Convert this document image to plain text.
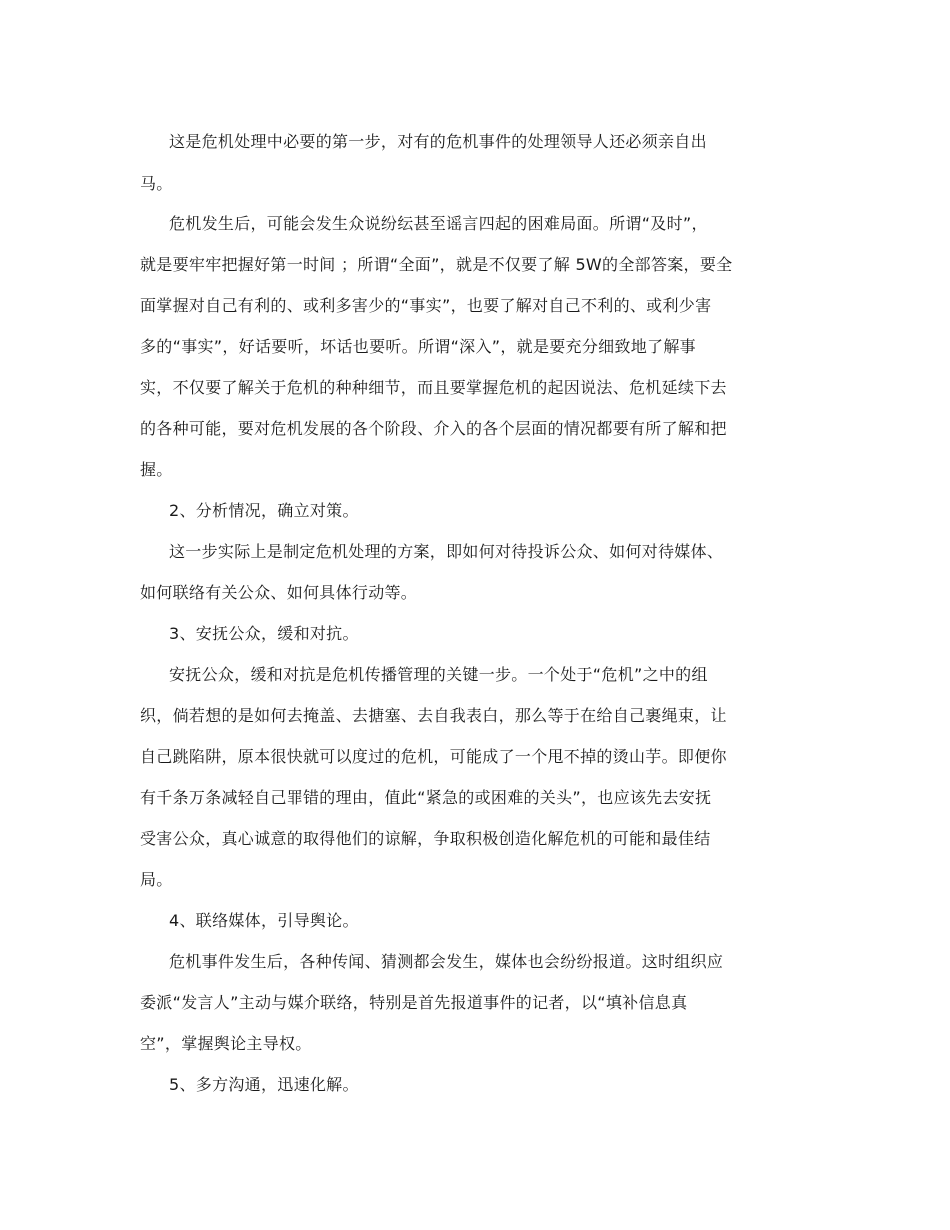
这是危机处理中必要的第一步，对有的危机事件的处理领导人还必须亲自出
马。
危机发生后，可能会发生众说纷纭甚至谣言四起的困难局面。所谓“及时”，
就是要牢牢把握好第一时间 ；所谓“全面”，就是不仅要了解 5W的全部答案，要全
面掌握对自己有利的、或利多害少的“事实”，也要了解对自己不利的、或利少害
多的“事实”，好话要听，坏话也要听。所谓“深入”，就是要充分细致地了解事
实，不仅要了解关于危机的种种细节，而且要掌握危机的起因说法、危机延续下去
的各种可能，要对危机发展的各个阶段、介入的各个层面的情况都要有所了解和把
握。
2、分析情况，确立对策。
这一步实际上是制定危机处理的方案，即如何对待投诉公众、如何对待媒体、
如何联络有关公众、如何具体行动等。
3、安抚公众，缓和对抗。
安抚公众，缓和对抗是危机传播管理的关键一步。一个处于“危机”之中的组
织，倘若想的是如何去掩盖、去搪塞、去自我表白，那么等于在给自己裹绳束，让
自己跳陷阱，原本很快就可以度过的危机，可能成了一个甩不掉的烫山芋。即便你
有千条万条减轻自己罪错的理由，值此“紧急的或困难的关头”，也应该先去安抚
受害公众，真心诚意的取得他们的谅解，争取积极创造化解危机的可能和最佳结
局。
4、联络媒体，引导舆论。
危机事件发生后，各种传闻、猜测都会发生，媒体也会纷纷报道。这时组织应
委派“发言人”主动与媒介联络，特别是首先报道事件的记者，以“填补信息真
空”，掌握舆论主导权。
5、多方沟通，迅速化解。
